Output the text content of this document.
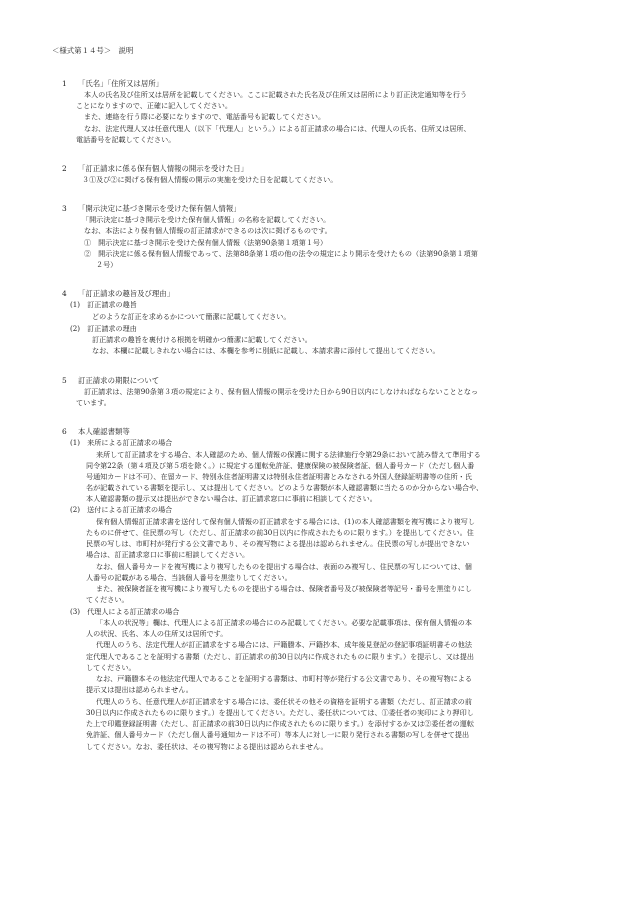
＜様式第１４号＞　説明
1 「氏名」「住所又は居所」
本人の氏名及び住所又は居所を記載してください。ここに記載された氏名及び住所又は居所により訂正決定通知等を行う
ことになりますので、正確に記入してください。
また、連絡を行う際に必要になりますので、電話番号も記載してください。
なお、法定代理人又は任意代理人（以下「代理人」という。）による訂正請求の場合には、代理人の氏名、住所又は居所、
電話番号を記載してください。
2 「訂正請求に係る保有個人情報の開示を受けた日」
３①及び②に掲げる保有個人情報の開示の実施を受けた日を記載してください。
3 「開示決定に基づき開示を受けた保有個人情報」
「開示決定に基づき開示を受けた保有個人情報」の名称を記載してください。
なお、本法により保有個人情報の訂正請求ができるのは次に掲げるものです。
①　開示決定に基づき開示を受けた保有個人情報（法第90条第１項第１号）
②　開示決定に係る保有個人情報であって、法第88条第１項の他の法令の規定により開示を受けたもの（法第90条第１項第
２号）
4 「訂正請求の趣旨及び理由」
(1)　訂正請求の趣旨
どのような訂正を求めるかについて簡潔に記載してください。
(2)　訂正請求の理由
訂正請求の趣旨を裏付ける根拠を明確かつ簡潔に記載してください。
なお、本欄に記載しきれない場合には、本欄を参考に別紙に記載し、本請求書に添付して提出してください。
5 訂正請求の期限について
訂正請求は、法第90条第３項の規定により、保有個人情報の開示を受けた日から90日以内にしなければならないこととなっ
ています。
6 本人確認書類等
(1)　来所による訂正請求の場合
来所して訂正請求をする場合、本人確認のため、個人情報の保護に関する法律施行令第29条において読み替えて準用する
同令第22条（第４項及び第５項を除く。）に規定する運転免許証、健康保険の被保険者証、個人番号カード（ただし個人番
号通知カードは不可）、在留カード、特別永住者証明書又は特別永住者証明書とみなされる外国人登録証明書等の住所・氏
名が記載されている書類を提示し、又は提出してください。どのような書類が本人確認書類に当たるのか分からない場合や、
本人確認書類の提示又は提出ができない場合は、訂正請求窓口に事前に相談してください。
(2)　送付による訂正請求の場合
保有個人情報訂正請求書を送付して保有個人情報の訂正請求をする場合には、(1)の本人確認書類を複写機により複写し
たものに併せて、住民票の写し（ただし、訂正請求の前30日以内に作成されたものに限ります。）を提出してください。住
民票の写しは、市町村が発行する公文書であり、その複写物による提出は認められません。住民票の写しが提出できない
場合は、訂正請求窓口に事前に相談してください。
なお、個人番号カードを複写機により複写したものを提出する場合は、表面のみ複写し、住民票の写しについては、個
人番号の記載がある場合、当該個人番号を黒塗りしてください。
また、被保険者証を複写機により複写したものを提出する場合は、保険者番号及び被保険者等記号・番号を黒塗りにし
てください。
(3)　代理人による訂正請求の場合
「本人の状況等」欄は、代理人による訂正請求の場合にのみ記載してください。必要な記載事項は、保有個人情報の本
人の状況、氏名、本人の住所又は居所です。
代理人のうち、法定代理人が訂正請求をする場合には、戸籍謄本、戸籍抄本、成年後見登記の登記事項証明書その他法
定代理人であることを証明する書類（ただし、訂正請求の前30日以内に作成されたものに限ります。）を提示し、又は提出
してください。
なお、戸籍謄本その他法定代理人であることを証明する書類は、市町村等が発行する公文書であり、その複写物による
提示又は提出は認められません。
代理人のうち、任意代理人が訂正請求をする場合には、委任状その他その資格を証明する書類（ただし、訂正請求の前
30日以内に作成されたものに限ります。）を提出してください。ただし、委任状については、①委任者の実印により押印し
た上で印鑑登録証明書（ただし、訂正請求の前30日以内に作成されたものに限ります。）を添付するか又は②委任者の運転
免許証、個人番号カード（ただし個人番号通知カードは不可）等本人に対し一に限り発行される書類の写しを併せて提出
してください。なお、委任状は、その複写物による提出は認められません。
